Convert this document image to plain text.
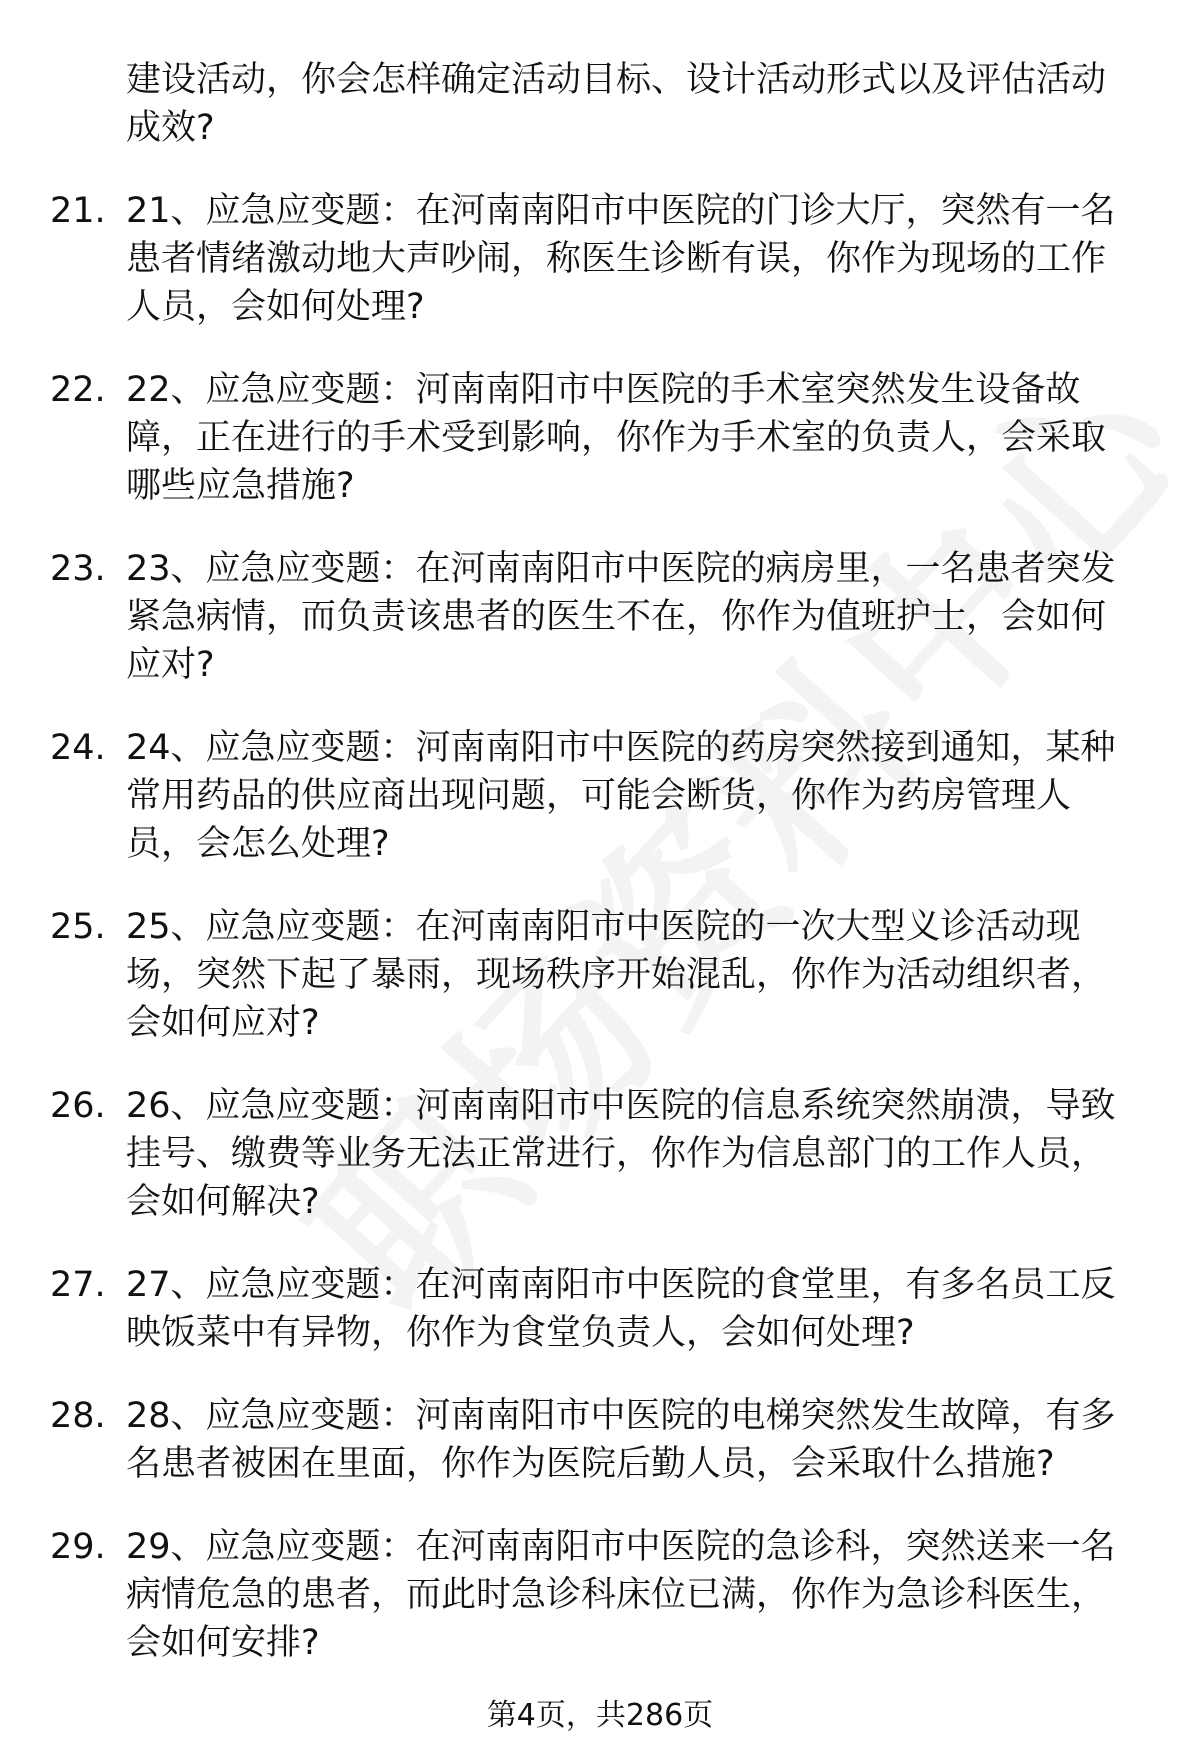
建设活动，你会怎样确定活动目标、设计活动形式以及评估活动成效?
21. 21、应急应变题：在河南南阳市中医院的门诊大厅，突然有一名患者情绪激动地大声吵闹，称医生诊断有误，你作为现场的工作人员，会如何处理?
22. 22、应急应变题：河南南阳市中医院的手术室突然发生设备故障，正在进行的手术受到影响，你作为手术室的负责人，会采取哪些应急措施?
23. 23、应急应变题：在河南南阳市中医院的病房里，一名患者突发紧急病情，而负责该患者的医生不在，你作为值班护士，会如何应对?
24. 24、应急应变题：河南南阳市中医院的药房突然接到通知，某种常用药品的供应商出现问题，可能会断货，你作为药房管理人员，会怎么处理?
25. 25、应急应变题：在河南南阳市中医院的一次大型义诊活动现场，突然下起了暴雨，现场秩序开始混乱，你作为活动组织者，会如何应对?
26. 26、应急应变题：河南南阳市中医院的信息系统突然崩溃，导致挂号、缴费等业务无法正常进行，你作为信息部门的工作人员，会如何解决?
27. 27、应急应变题：在河南南阳市中医院的食堂里，有多名员工反映饭菜中有异物，你作为食堂负责人，会如何处理?
28. 28、应急应变题：河南南阳市中医院的电梯突然发生故障，有多名患者被困在里面，你作为医院后勤人员，会采取什么措施?
29. 29、应急应变题：在河南南阳市中医院的急诊科，突然送来一名病情危急的患者，而此时急诊科床位已满，你作为急诊科医生，会如何安排?
第4页，共286页
